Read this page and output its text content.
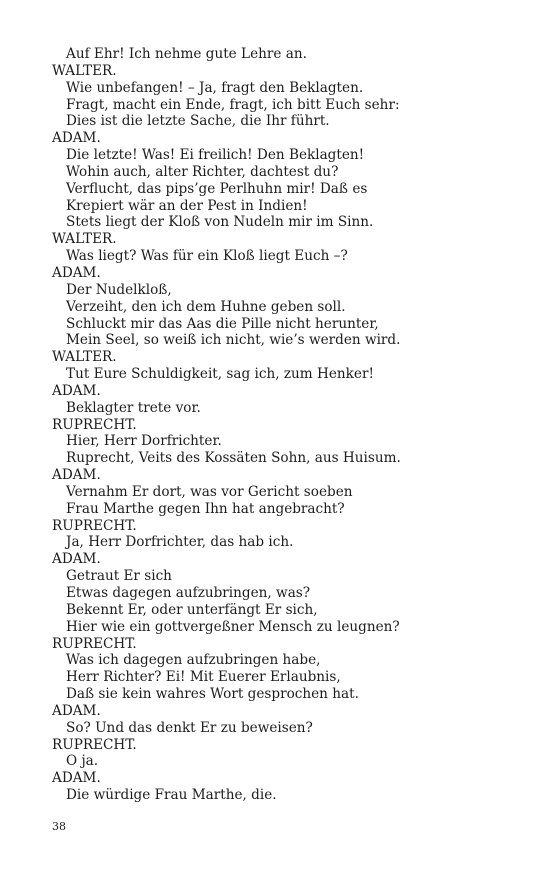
Auf Ehr! Ich nehme gute Lehre an.
WALTER.
Wie unbefangen! – Ja, fragt den Beklagten.
Fragt, macht ein Ende, fragt, ich bitt Euch sehr:
Dies ist die letzte Sache, die Ihr führt.
ADAM.
Die letzte! Was! Ei freilich! Den Beklagten!
Wohin auch, alter Richter, dachtest du?
Verflucht, das pips’ge Perlhuhn mir! Daß es
Krepiert wär an der Pest in Indien!
Stets liegt der Kloß von Nudeln mir im Sinn.
WALTER.
Was liegt? Was für ein Kloß liegt Euch –?
ADAM.
Der Nudelkloß,
Verzeiht, den ich dem Huhne geben soll.
Schluckt mir das Aas die Pille nicht herunter,
Mein Seel, so weiß ich nicht, wie’s werden wird.
WALTER.
Tut Eure Schuldigkeit, sag ich, zum Henker!
ADAM.
Beklagter trete vor.
RUPRECHT.
Hier, Herr Dorfrichter.
Ruprecht, Veits des Kossäten Sohn, aus Huisum.
ADAM.
Vernahm Er dort, was vor Gericht soeben
Frau Marthe gegen Ihn hat angebracht?
RUPRECHT.
Ja, Herr Dorfrichter, das hab ich.
ADAM.
Getraut Er sich
Etwas dagegen aufzubringen, was?
Bekennt Er, oder unterfängt Er sich,
Hier wie ein gottvergeßner Mensch zu leugnen?
RUPRECHT.
Was ich dagegen aufzubringen habe,
Herr Richter? Ei! Mit Euerer Erlaubnis,
Daß sie kein wahres Wort gesprochen hat.
ADAM.
So? Und das denkt Er zu beweisen?
RUPRECHT.
O ja.
ADAM.
Die würdige Frau Marthe, die.
38
